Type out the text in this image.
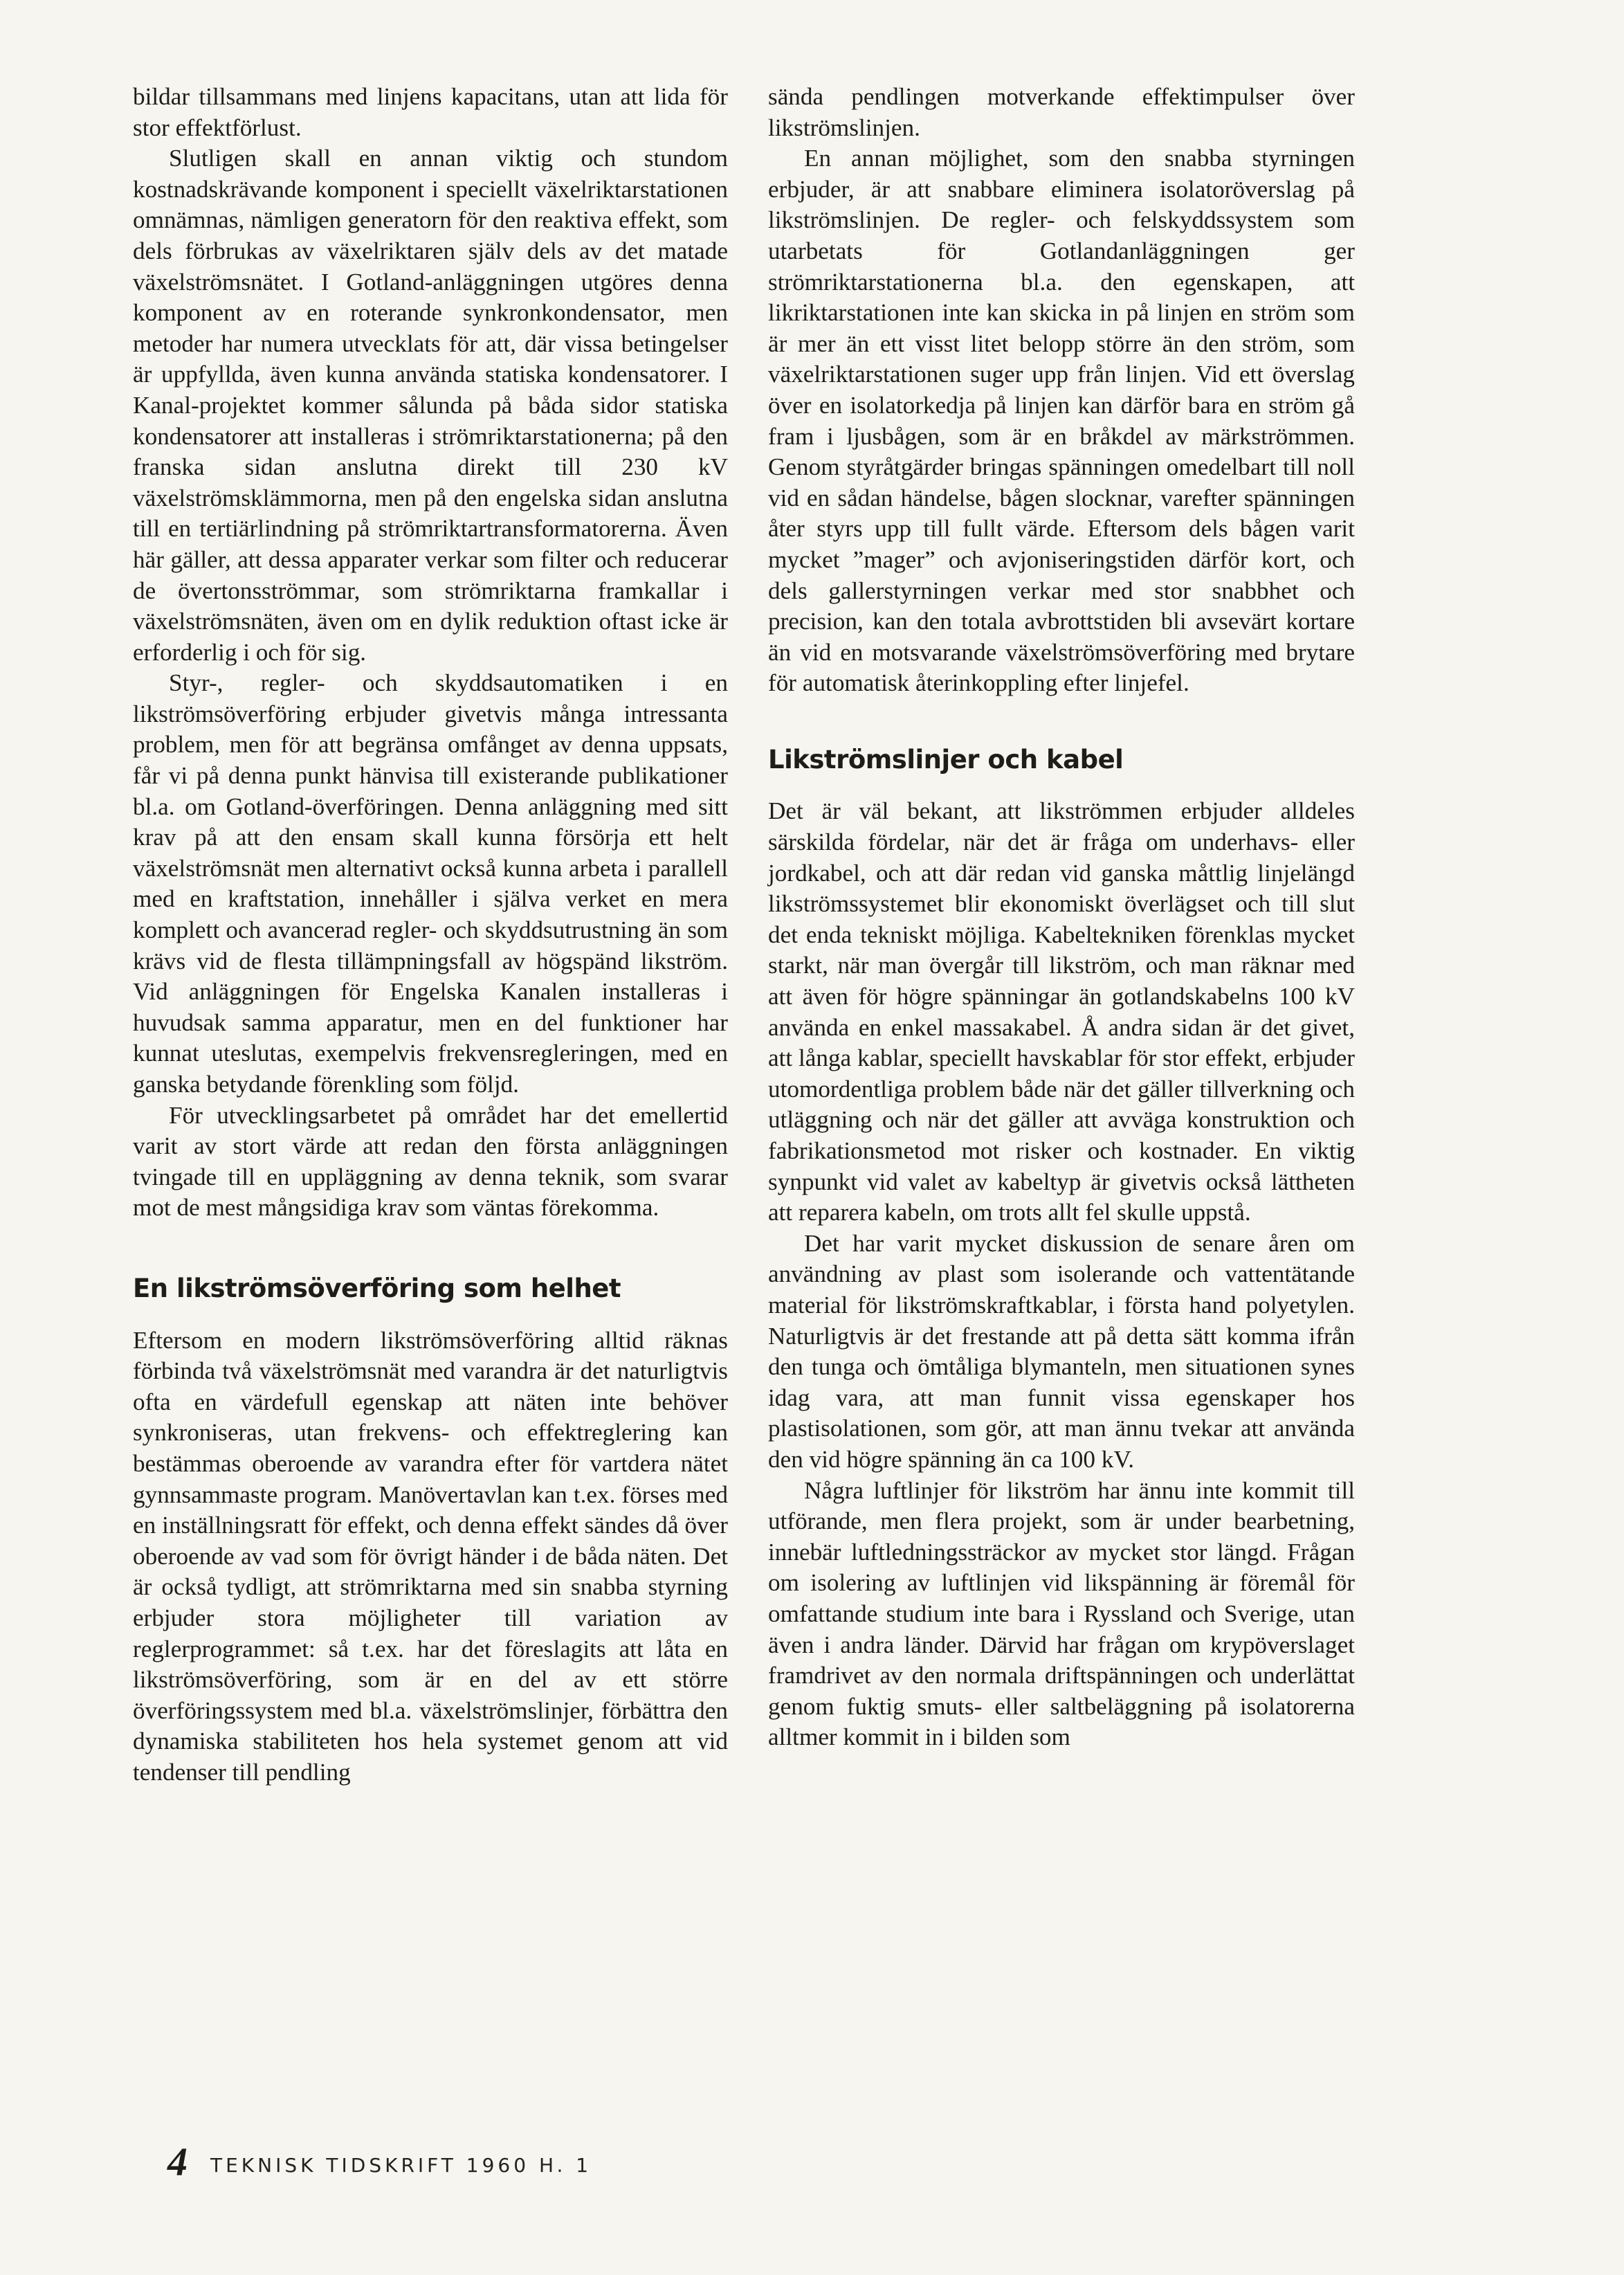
bildar tillsammans med linjens kapacitans, utan att lida för stor effektförlust.

Slutligen skall en annan viktig och stundom kostnadskrävande komponent i speciellt växelriktarstationen omnämnas, nämligen generatorn för den reaktiva effekt, som dels förbrukas av växelriktaren själv dels av det matade växelströmsnätet. I Gotland-anläggningen utgöres denna komponent av en roterande synkronkondensator, men metoder har numera utvecklats för att, där vissa betingelser är uppfyllda, även kunna använda statiska kondensatorer. I Kanal-projektet kommer sålunda på båda sidor statiska kondensatorer att installeras i strömriktarstationerna; på den franska sidan anslutna direkt till 230 kV växelströmsklämmorna, men på den engelska sidan anslutna till en tertiärlindning på strömriktartransformatorerna. Även här gäller, att dessa apparater verkar som filter och reducerar de övertonsströmmar, som strömriktarna framkallar i växelströmsnäten, även om en dylik reduktion oftast icke är erforderlig i och för sig.

Styr-, regler- och skyddsautomatiken i en likströmsöverföring erbjuder givetvis många intressanta problem, men för att begränsa omfånget av denna uppsats, får vi på denna punkt hänvisa till existerande publikationer bl.a. om Gotland-överföringen. Denna anläggning med sitt krav på att den ensam skall kunna försörja ett helt växelströmsnät men alternativt också kunna arbeta i parallell med en kraftstation, innehåller i själva verket en mera komplett och avancerad regler- och skyddsutrustning än som krävs vid de flesta tillämpningsfall av högspänd likström. Vid anläggningen för Engelska Kanalen installeras i huvudsak samma apparatur, men en del funktioner har kunnat uteslutas, exempelvis frekvensregleringen, med en ganska betydande förenkling som följd.

För utvecklingsarbetet på området har det emellertid varit av stort värde att redan den första anläggningen tvingade till en uppläggning av denna teknik, som svarar mot de mest mångsidiga krav som väntas förekomma.

En likströmsöverföring som helhet

Eftersom en modern likströmsöverföring alltid räknas förbinda två växelströmsnät med varandra är det naturligtvis ofta en värdefull egenskap att näten inte behöver synkroniseras, utan frekvens- och effektreglering kan bestämmas oberoende av varandra efter för vartdera nätet gynnsammaste program. Manövertavlan kan t.ex. förses med en inställningsratt för effekt, och denna effekt sändes då över oberoende av vad som för övrigt händer i de båda näten. Det är också tydligt, att strömriktarna med sin snabba styrning erbjuder stora möjligheter till variation av reglerprogrammet: så t.ex. har det föreslagits att låta en likströmsöverföring, som är en del av ett större överföringssystem med bl.a. växelströmslinjer, förbättra den dynamiska stabiliteten hos hela systemet genom att vid tendenser till pendling

sända pendlingen motverkande effektimpulser över likströmslinjen.

En annan möjlighet, som den snabba styrningen erbjuder, är att snabbare eliminera isolatoröverslag på likströmslinjen. De regler- och felskyddssystem som utarbetats för Gotlandanläggningen ger strömriktarstationerna bl.a. den egenskapen, att likriktarstationen inte kan skicka in på linjen en ström som är mer än ett visst litet belopp större än den ström, som växelriktarstationen suger upp från linjen. Vid ett överslag över en isolatorkedja på linjen kan därför bara en ström gå fram i ljusbågen, som är en bråkdel av märkströmmen. Genom styråtgärder bringas spänningen omedelbart till noll vid en sådan händelse, bågen slocknar, varefter spänningen åter styrs upp till fullt värde. Eftersom dels bågen varit mycket ”mager” och avjoniseringstiden därför kort, och dels gallerstyrningen verkar med stor snabbhet och precision, kan den totala avbrottstiden bli avsevärt kortare än vid en motsvarande växelströmsöverföring med brytare för automatisk återinkoppling efter linjefel.

Likströmslinjer och kabel

Det är väl bekant, att likströmmen erbjuder alldeles särskilda fördelar, när det är fråga om underhavs- eller jordkabel, och att där redan vid ganska måttlig linjelängd likströmssystemet blir ekonomiskt överlägset och till slut det enda tekniskt möjliga. Kabeltekniken förenklas mycket starkt, när man övergår till likström, och man räknar med att även för högre spänningar än gotlandskabelns 100 kV använda en enkel massakabel. Å andra sidan är det givet, att långa kablar, speciellt havskablar för stor effekt, erbjuder utomordentliga problem både när det gäller tillverkning och utläggning och när det gäller att avväga konstruktion och fabrikationsmetod mot risker och kostnader. En viktig synpunkt vid valet av kabeltyp är givetvis också lättheten att reparera kabeln, om trots allt fel skulle uppstå.

Det har varit mycket diskussion de senare åren om användning av plast som isolerande och vattentätande material för likströmskraftkablar, i första hand polyetylen. Naturligtvis är det frestande att på detta sätt komma ifrån den tunga och ömtåliga blymanteln, men situationen synes idag vara, att man funnit vissa egenskaper hos plastisolationen, som gör, att man ännu tvekar att använda den vid högre spänning än ca 100 kV.

Några luftlinjer för likström har ännu inte kommit till utförande, men flera projekt, som är under bearbetning, innebär luftledningssträckor av mycket stor längd. Frågan om isolering av luftlinjen vid likspänning är föremål för omfattande studium inte bara i Ryssland och Sverige, utan även i andra länder. Därvid har frågan om krypöverslaget framdrivet av den normala driftspänningen och underlättat genom fuktig smuts- eller saltbeläggning på isolatorerna alltmer kommit in i bilden som

4 TEKNISK TIDSKRIFT 1960 H. 1
